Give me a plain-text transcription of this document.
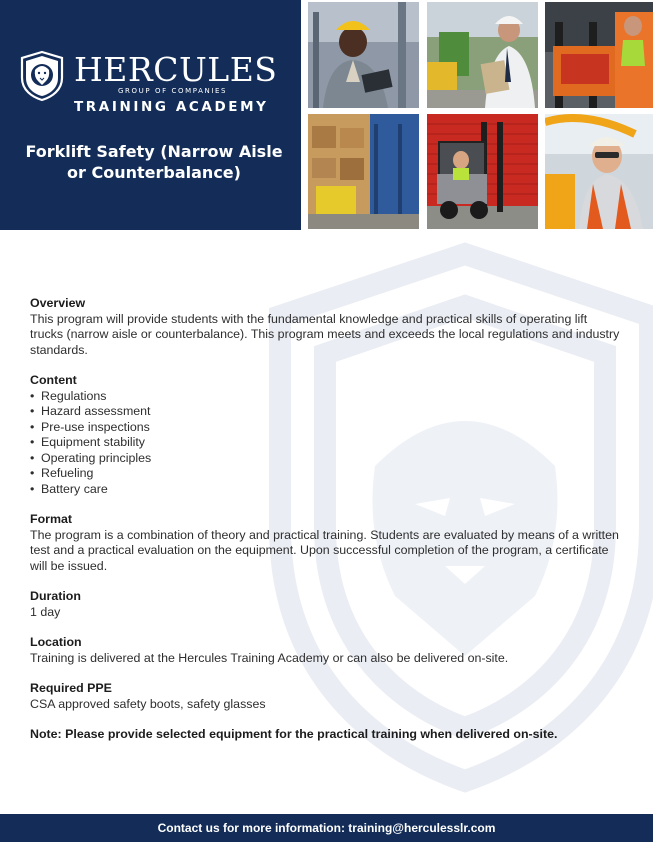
HERCULES
GROUP OF COMPANIES
TRAINING ACADEMY
Forklift Safety (Narrow Aisle or Counterbalance)
Overview

This program will provide students with the fundamental knowledge and practical skills of operating lift trucks (narrow aisle or counterbalance). This program meets and exceeds the local regulations and industry standards.

Content
• Regulations
• Hazard assessment
• Pre-use inspections
• Equipment stability
• Operating principles
• Refueling
• Battery care
Format

The program is a combination of theory and practical training. Students are evaluated by means of a written test and a practical evaluation on the equipment. Upon successful completion of the program, a certificate will be issued.

Duration

1 day

Location

Training is delivered at the Hercules Training Academy or can also be delivered on-site.

Required PPE

CSA approved safety boots, safety glasses

Note: Please provide selected equipment for the practical training when delivered on-site.

Contact us for more information: training@herculesslr.com
